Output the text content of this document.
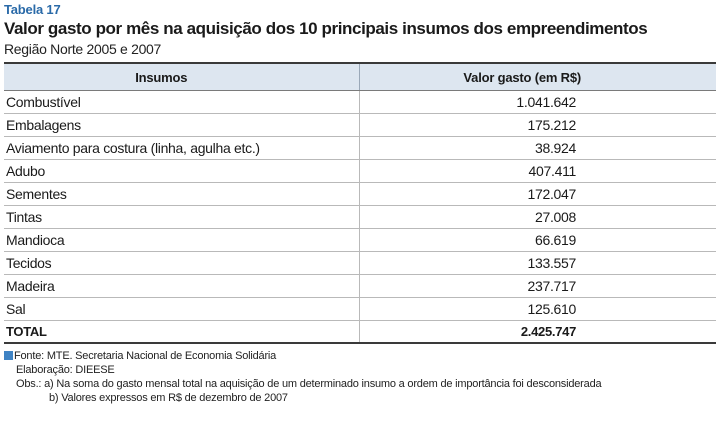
Tabela 17
Valor gasto por mês na aquisição dos 10 principais insumos dos empreendimentos
Região Norte 2005 e 2007
Insumos	Valor gasto (em R$)
Combustível	1.041.642
Embalagens	175.212
Aviamento para costura (linha, agulha etc.)	38.924
Adubo	407.411
Sementes	172.047
Tintas	27.008
Mandioca	66.619
Tecidos	133.557
Madeira	237.717
Sal	125.610
TOTAL	2.425.747
Fonte: MTE. Secretaria Nacional de Economia Solidária
Elaboração: DIEESE
Obs.: a) Na soma do gasto mensal total na aquisição de um determinado insumo a ordem de importância foi desconsiderada
b) Valores expressos em R$ de dezembro de 2007
